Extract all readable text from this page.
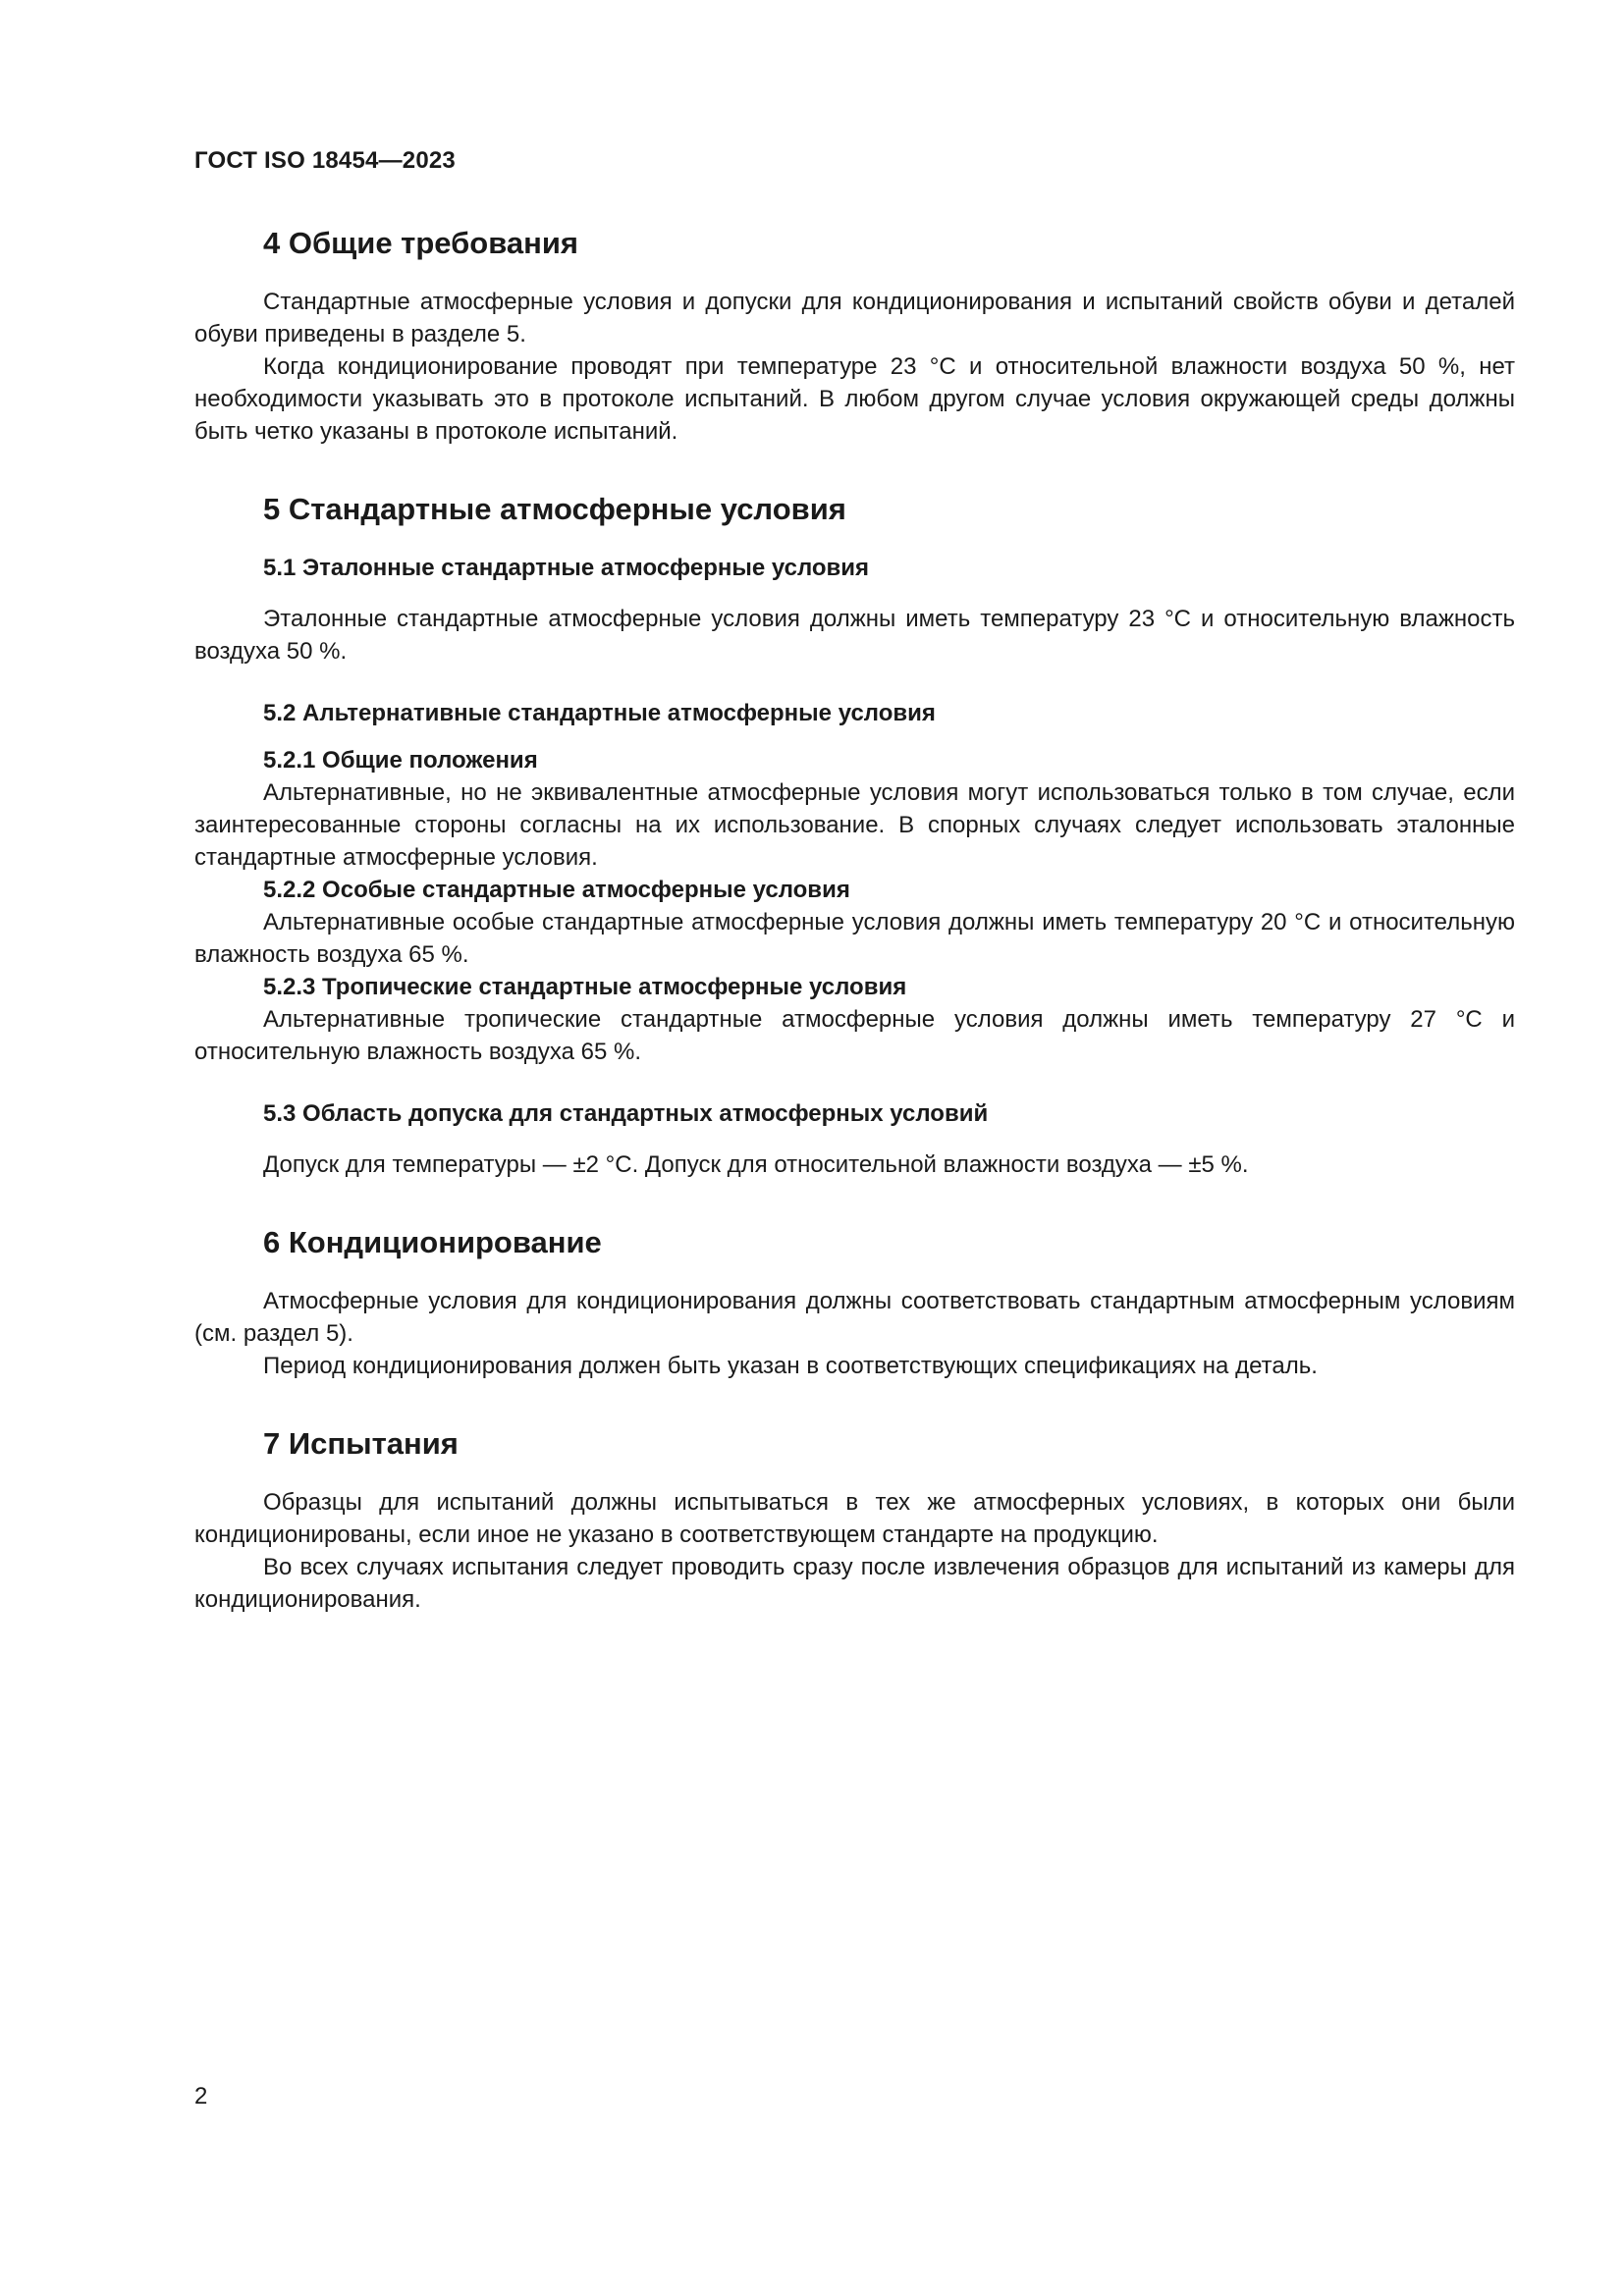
ГОСТ ISO 18454—2023
4 Общие требования

Стандартные атмосферные условия и допуски для кондиционирования и испытаний свойств обуви и деталей обуви приведены в разделе 5.

Когда кондиционирование проводят при температуре 23 °С и относительной влажности воздуха 50 %, нет необходимости указывать это в протоколе испытаний. В любом другом случае условия окружающей среды должны быть четко указаны в протоколе испытаний.

5 Стандартные атмосферные условия
5.1 Эталонные стандартные атмосферные условия

Эталонные стандартные атмосферные условия должны иметь температуру 23 °С и относительную влажность воздуха 50 %.

5.2 Альтернативные стандартные атмосферные условия
5.2.1 Общие положения

Альтернативные, но не эквивалентные атмосферные условия могут использоваться только в том случае, если заинтересованные стороны согласны на их использование. В спорных случаях следует использовать эталонные стандартные атмосферные условия.

5.2.2 Особые стандартные атмосферные условия

Альтернативные особые стандартные атмосферные условия должны иметь температуру 20 °С и относительную влажность воздуха 65 %.

5.2.3 Тропические стандартные атмосферные условия

Альтернативные тропические стандартные атмосферные условия должны иметь температуру 27 °С и относительную влажность воздуха 65 %.

5.3 Область допуска для стандартных атмосферных условий

Допуск для температуры — ±2 °С. Допуск для относительной влажности воздуха — ±5 %.

6 Кондиционирование

Атмосферные условия для кондиционирования должны соответствовать стандартным атмосферным условиям (см. раздел 5).

Период кондиционирования должен быть указан в соответствующих спецификациях на деталь.

7 Испытания

Образцы для испытаний должны испытываться в тех же атмосферных условиях, в которых они были кондиционированы, если иное не указано в соответствующем стандарте на продукцию.

Во всех случаях испытания следует проводить сразу после извлечения образцов для испытаний из камеры для кондиционирования.

2
